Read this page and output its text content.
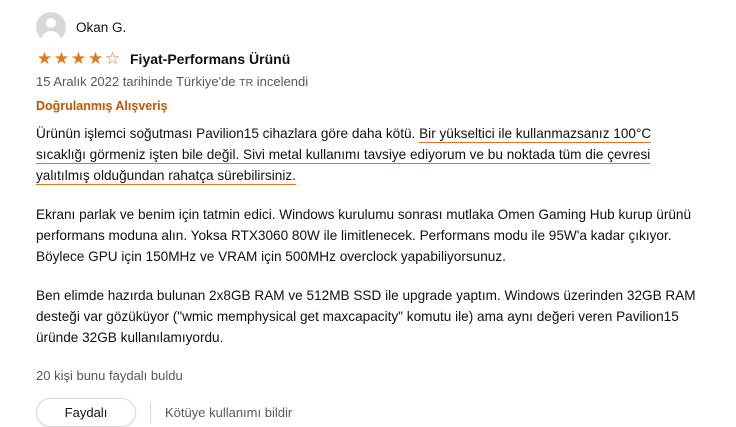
Okan G.
★ ★ ★ ★ ☆ Fiyat-Performans Ürünü
15 Aralık 2022 tarihinde Türkiye'de TR incelendi
Doğrulanmış Alışveriş

Ürünün işlemci soğutması Pavilion15 cihazlara göre daha kötü. Bir yükseltici ile kullanmazsanız 100°C sıcaklığı görmeniz işten bile değil. Sivi metal kullanımı tavsiye ediyorum ve bu noktada tüm die çevresi yalıtılmış olduğundan rahatça sürebilirsiniz.

Ekranı parlak ve benim için tatmin edici. Windows kurulumu sonrası mutlaka Omen Gaming Hub kurup ürünü performans moduna alın. Yoksa RTX3060 80W ile limitlenecek. Performans modu ile 95W'a kadar çıkıyor. Böylece GPU için 150MHz ve VRAM için 500MHz overclock yapabiliyorsunuz.

Ben elimde hazırda bulunan 2x8GB RAM ve 512MB SSD ile upgrade yaptım. Windows üzerinden 32GB RAM desteği var gözüküyor ("wmic memphysical get maxcapacity" komutu ile) ama aynı değeri veren Pavilion15 üründe 32GB kullanılamıyordu.

20 kişi bunu faydalı buldu
Faydalı	Kötüye kullanımı bildir
